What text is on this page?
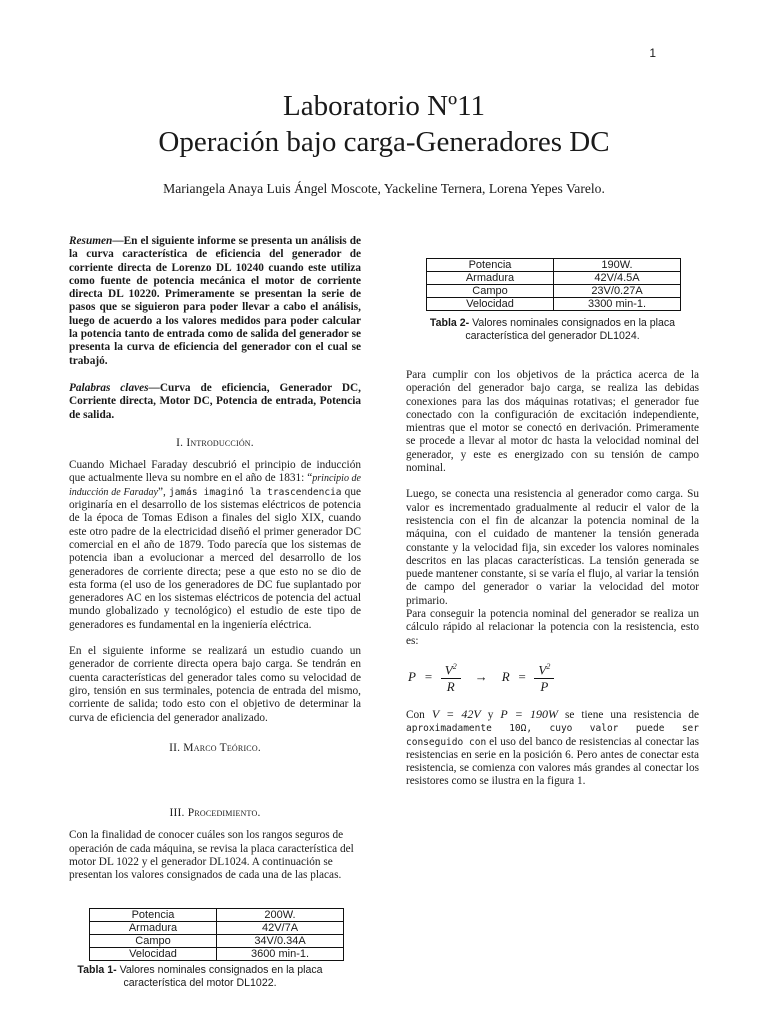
1
Laboratorio Nº11
Operación bajo carga-Generadores DC
Mariangela Anaya Luis Ángel Moscote, Yackeline Ternera, Lorena Yepes Varelo.

Resumen—En el siguiente informe se presenta un análisis de la curva característica de eficiencia del generador de corriente directa de Lorenzo DL 10240 cuando este utiliza como fuente de potencia mecánica el motor de corriente directa DL 10220. Primeramente se presentan la serie de pasos que se siguieron para poder llevar a cabo el análisis, luego de acuerdo a los valores medidos para poder calcular la potencia tanto de entrada como de salida del generador se presenta la curva de eficiencia del generador con el cual se trabajó.

Palabras claves—Curva de eficiencia, Generador DC, Corriente directa, Motor DC, Potencia de entrada, Potencia de salida.

I. Introducción.

Cuando Michael Faraday descubrió el principio de inducción que actualmente lleva su nombre en el año de 1831: “principio de inducción de Faraday”, jamás imaginó la trascendencia que originaría en el desarrollo de los sistemas eléctricos de potencia de la época de Tomas Edison a finales del siglo XIX, cuando este otro padre de la electricidad diseñó el primer generador DC comercial en el año de 1879. Todo parecía que los sistemas de potencia iban a evolucionar a merced del desarrollo de los generadores de corriente directa; pese a que esto no se dio de esta forma (el uso de los generadores de DC fue suplantado por generadores AC en los sistemas eléctricos de potencia del actual mundo globalizado y tecnológico) el estudio de este tipo de generadores es fundamental en la ingeniería eléctrica.

En el siguiente informe se realizará un estudio cuando un generador de corriente directa opera bajo carga. Se tendrán en cuenta características del generador tales como su velocidad de giro, tensión en sus terminales, potencia de entrada del mismo, corriente de salida; todo esto con el objetivo de determinar la curva de eficiencia del generador analizado.

II. Marco Teórico.
III. Procedimiento.

Con la finalidad de conocer cuáles son los rangos seguros de operación de cada máquina, se revisa la placa característica del motor DL 1022 y el generador DL1024. A continuación se presentan los valores consignados de cada una de las placas.

Potencia	200W.
Armadura	42V/7A
Campo	34V/0.34A
Velocidad	3600 min-1.
Tabla 1- Valores nominales consignados en la placa característica del motor DL1022.
Potencia	190W.
Armadura	42V/4.5A
Campo	23V/0.27A
Velocidad	3300 min-1.
Tabla 2- Valores nominales consignados en la placa característica del generador DL1024.

Para cumplir con los objetivos de la práctica acerca de la operación del generador bajo carga, se realiza las debidas conexiones para las dos máquinas rotativas; el generador fue conectado con la configuración de excitación independiente, mientras que el motor se conectó en derivación. Primeramente se procede a llevar al motor dc hasta la velocidad nominal del generador, y este es energizado con su tensión de campo nominal.

Luego, se conecta una resistencia al generador como carga. Su valor es incrementado gradualmente al reducir el valor de la resistencia con el fin de alcanzar la potencia nominal de la máquina, con el cuidado de mantener la tensión generada constante y la velocidad fija, sin exceder los valores nominales descritos en las placas características. La tensión generada se puede mantener constante, si se varía el flujo, al variar la tensión de campo del generador o variar la velocidad del motor primario.

Para conseguir la potencia nominal del generador se realiza un cálculo rápido al relacionar la potencia con la resistencia, esto es:

$P = \frac{V^2}{R} \to R = \frac{V^2}{P}$

Con V = 42V y P = 190W se tiene una resistencia de aproximadamente 10Ω, cuyo valor puede ser conseguido con el uso del banco de resistencias al conectar las resistencias en serie en la posición 6. Pero antes de conectar esta resistencia, se comienza con valores más grandes al conectar los resistores como se ilustra en la figura 1.
